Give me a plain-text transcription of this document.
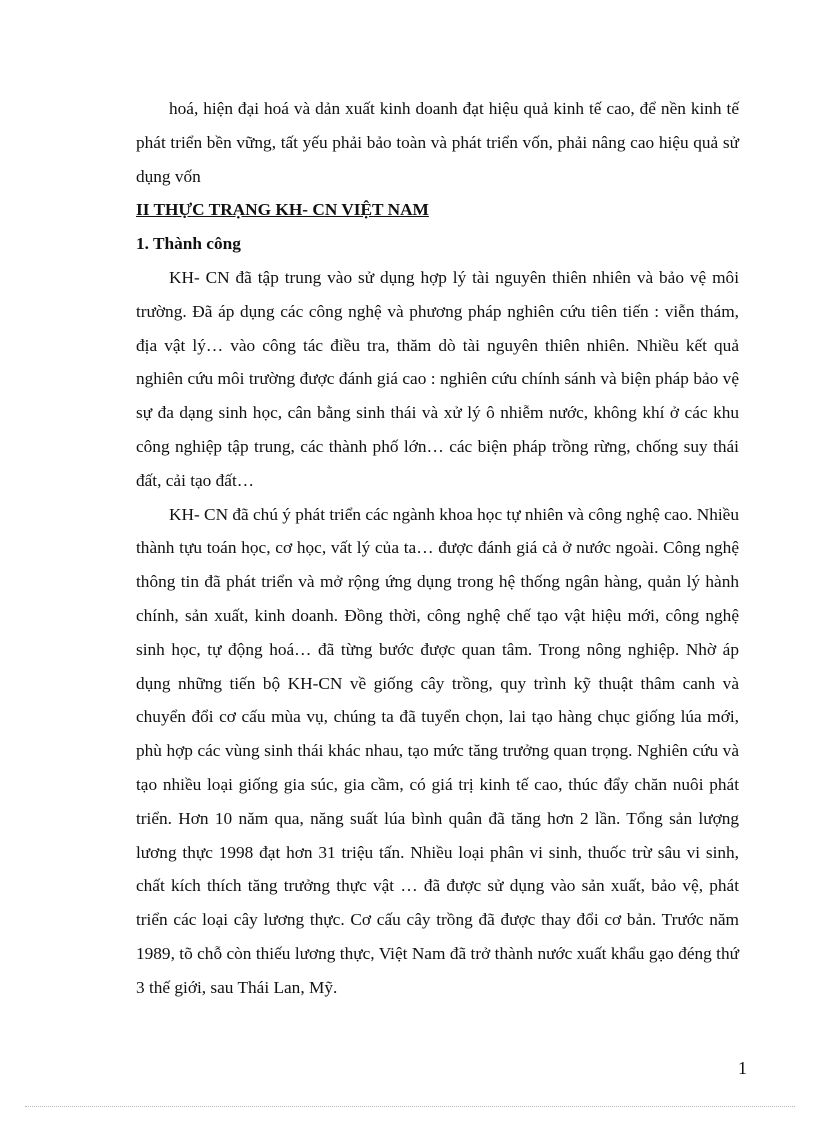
hoá, hiện đại hoá và dản xuất kinh doanh đạt hiệu quả kinh tế cao, để nền kinh tế phát triển bền vững, tất yếu phải bảo toàn và phát triển vốn, phải nâng cao hiệu quả sử dụng vốn

II THỰC TRẠNG KH- CN VIỆT NAM

1. Thành công

KH- CN đã tập trung vào sử dụng hợp lý tài nguyên thiên nhiên và bảo vệ môi trường. Đã áp dụng các công nghệ và phương pháp nghiên cứu tiên tiến : viễn thám, địa vật lý… vào công tác điều tra, thăm dò tài nguyên thiên nhiên. Nhiều kết quả nghiên cứu môi trường được đánh giá cao : nghiên cứu chính sánh và biện pháp bảo vệ sự đa dạng sinh học, cân bằng sinh thái và xử lý ô nhiễm nước, không khí ở các khu công nghiệp tập trung, các thành phố lớn… các biện pháp trồng rừng, chống suy thái đất, cải tạo đất…

KH- CN đã chú ý phát triển các ngành khoa học tự nhiên và công nghệ cao. Nhiều thành tựu toán học, cơ học, vất lý của ta… được đánh giá cả ở nước ngoài. Công nghệ thông tin đã phát triển và mở rộng ứng dụng trong hệ thống ngân hàng, quản lý hành chính, sản xuất, kinh doanh. Đồng thời, công nghệ chế tạo vật hiệu mới, công nghệ sinh học, tự động hoá… đã từng bước được quan tâm. Trong nông nghiệp. Nhờ áp dụng những tiến bộ KH-CN về giống cây trồng, quy trình kỹ thuật thâm canh và chuyển đổi cơ cấu mùa vụ, chúng ta đã tuyển chọn, lai tạo hàng chục giống lúa mới, phù hợp các vùng sinh thái khác nhau, tạo mức tăng trưởng quan trọng. Nghiên cứu và tạo nhiều loại giống gia súc, gia cầm, có giá trị kinh tế cao, thúc đẩy chăn nuôi phát triển. Hơn 10 năm qua, năng suất lúa bình quân đã tăng hơn 2 lần. Tổng sản lượng lương thực 1998 đạt hơn 31 triệu tấn. Nhiều loại phân vi sinh, thuốc trừ sâu vi sinh, chất kích thích tăng trưởng thực vật … đã được sử dụng vào sản xuất, bảo vệ, phát triển các loại cây lương thực. Cơ cấu cây trồng đã được thay đổi cơ bản. Trước năm 1989, tõ chỗ còn thiếu lương thực, Việt Nam đã trở thành nước xuất khẩu gạo đéng thứ 3 thế giới, sau Thái Lan, Mỹ.

1
